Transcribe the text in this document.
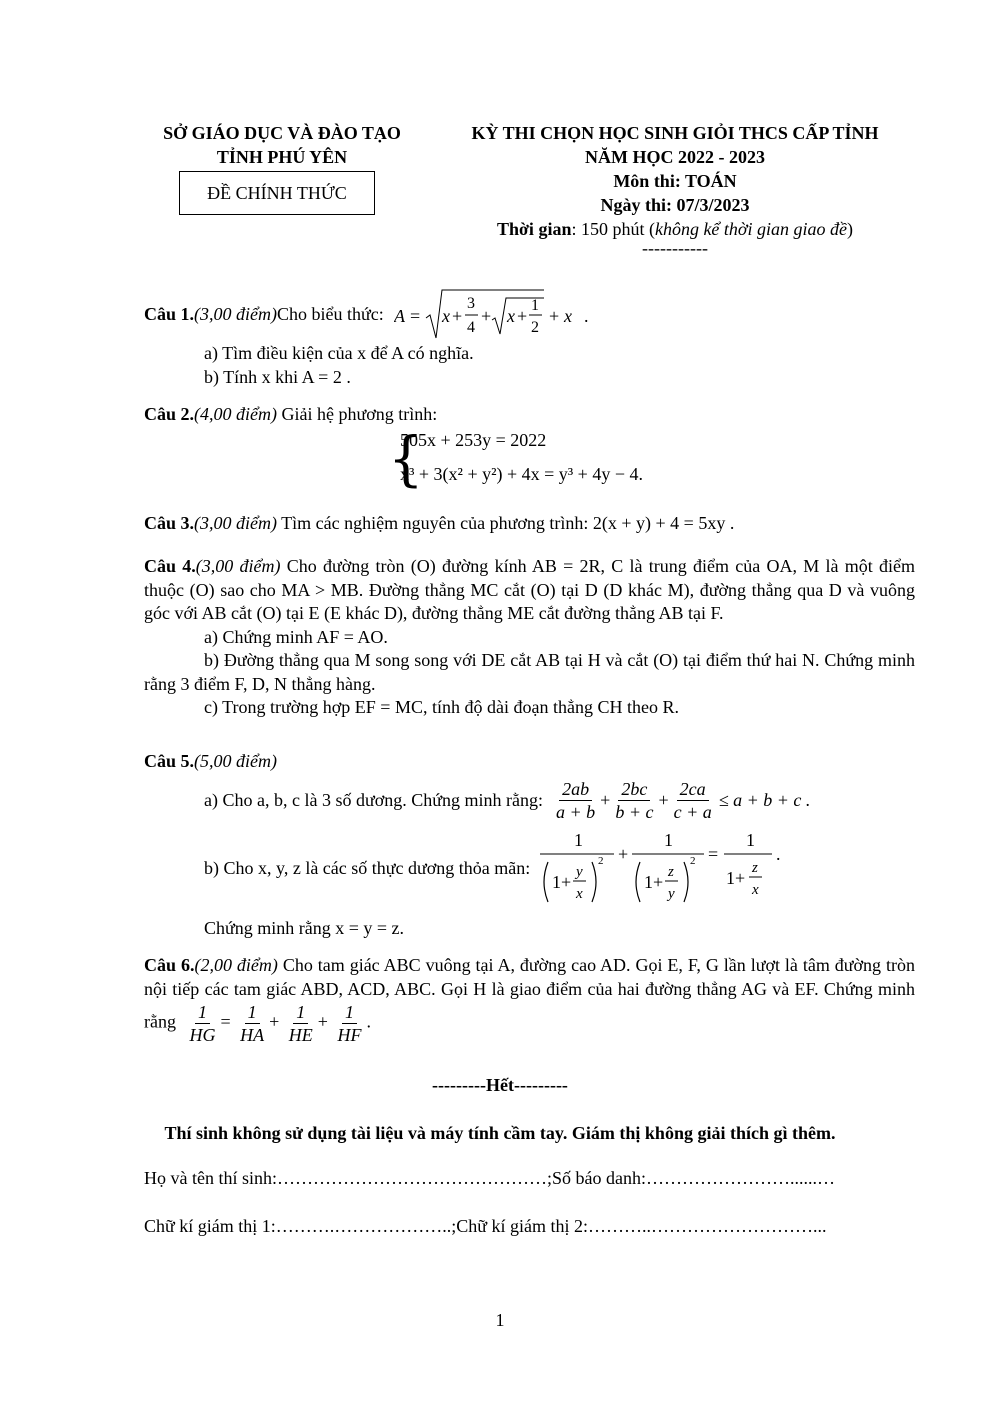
SỞ GIÁO DỤC VÀ ĐÀO TẠO
TỈNH PHÚ YÊN
ĐỀ CHÍNH THỨC
KỲ THI CHỌN HỌC SINH GIỎI THCS CẤP TỈNH
NĂM HỌC 2022 - 2023
Môn thi: TOÁN
Ngày thi: 07/3/2023
Thời gian: 150 phút (không kể thời gian giao đề)
-----------
Câu 1. (3,00 điểm) Cho biểu thức: A = x +
3
4
+ x +
1
2
+ x .
a) Tìm điều kiện của x để A có nghĩa.
b) Tính x khi A = 2 .
Câu 2.(4,00 điểm) Giải hệ phương trình:
{
505x + 253y = 2022
x³ + 3(x² + y²) + 4x = y³ + 4y − 4.
Câu 3.(3,00 điểm) Tìm các nghiệm nguyên của phương trình: 2(x + y) + 4 = 5xy .
Câu 4.(3,00 điểm) Cho đường tròn (O) đường kính AB = 2R, C là trung điểm của OA, M là một điểm thuộc (O) sao cho MA > MB. Đường thẳng MC cắt (O) tại D (D khác M), đường thẳng qua D và vuông góc với AB cắt (O) tại E (E khác D), đường thẳng ME cắt đường thẳng AB tại F.
a) Chứng minh AF = AO.
b) Đường thẳng qua M song song với DE cắt AB tại H và cắt (O) tại điểm thứ hai N. Chứng minh rằng 3 điểm F, D, N thẳng hàng.
c) Trong trường hợp EF = MC, tính độ dài đoạn thẳng CH theo R.
Câu 5.(5,00 điểm)
a) Cho a, b, c là 3 số dương. Chứng minh rằng: $\frac{2ab}{a + b} + \frac{2bc}{b + c} + \frac{2ca}{c + a} \le a + b + c$ .
b) Cho x, y, z là các số thực dương thỏa mãn:
1
1+ y
x
2 +
1
1+ z
y
2 =
1
1+ z
x
.
Chứng minh rằng x = y = z.
Câu 6.(2,00 điểm) Cho tam giác ABC vuông tại A, đường cao AD. Gọi E, F, G lần lượt là tâm đường tròn nội tiếp các tam giác ABD, ACD, ABC. Gọi H là giao điểm của hai đường thẳng AG và EF. Chứng minh rằng $\frac{1}{HG} = \frac{1}{HA} + \frac{1}{HE} + \frac{1}{HF}$ .
---------Hết---------
Thí sinh không sử dụng tài liệu và máy tính cầm tay. Giám thị không giải thích gì thêm.
Họ và tên thí sinh:………………………………………;Số báo danh:……………………......…
Chữ kí giám thị 1:……….………………..;Chữ kí giám thị 2:………..………………………...
1
